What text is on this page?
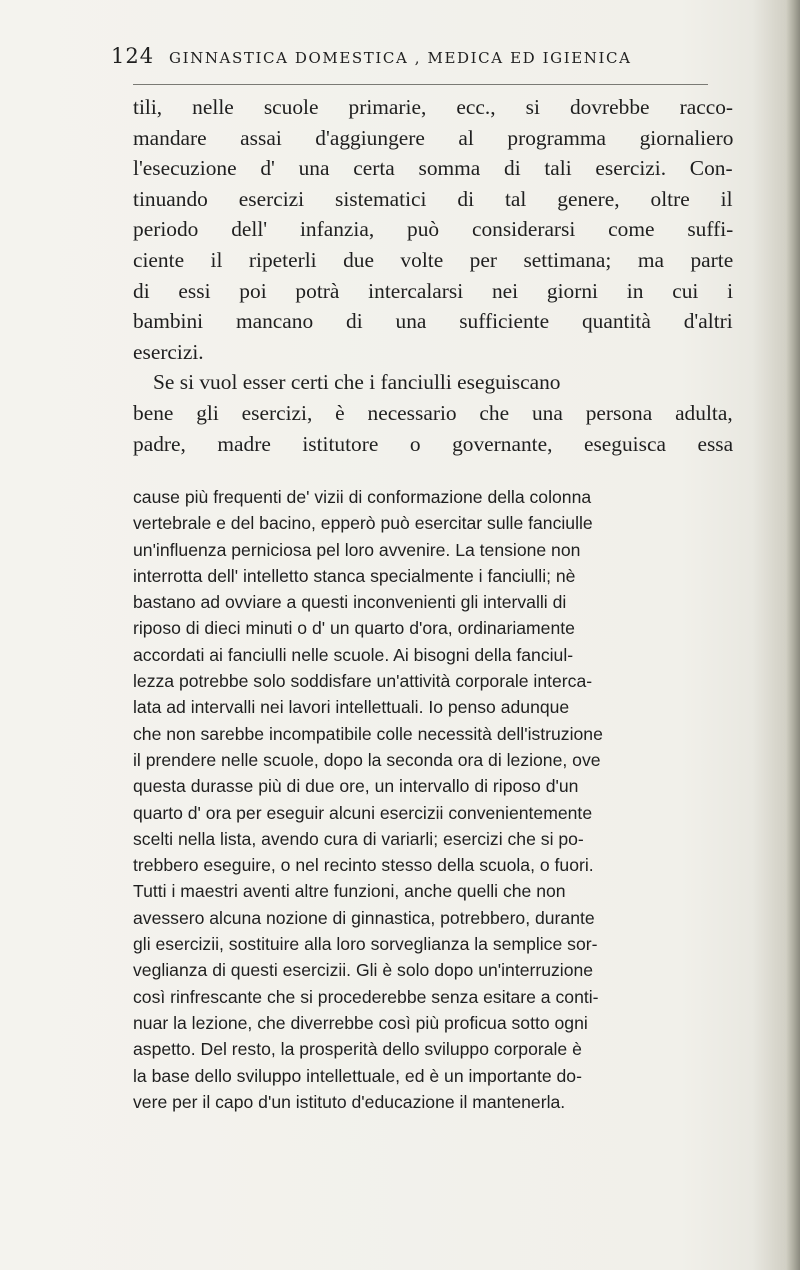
124 GINNASTICA DOMESTICA , MEDICA ED IGIENICA
tili, nelle scuole primarie, ecc., si dovrebbe racco-
mandare assai d'aggiungere al programma giornaliero
l'esecuzione d' una certa somma di tali esercizi. Con-
tinuando esercizi sistematici di tal genere, oltre il
periodo dell' infanzia, può considerarsi come suffi-
ciente il ripeterli due volte per settimana; ma parte
di essi poi potrà intercalarsi nei giorni in cui i
bambini mancano di una sufficiente quantità d'altri
esercizi.
Se si vuol esser certi che i fanciulli eseguiscano
bene gli esercizi, è necessario che una persona adulta,
padre, madre istitutore o governante, eseguisca essa
cause più frequenti de' vizii di conformazione della colonna
vertebrale e del bacino, epperò può esercitar sulle fanciulle
un'influenza perniciosa pel loro avvenire. La tensione non
interrotta dell' intelletto stanca specialmente i fanciulli; nè
bastano ad ovviare a questi inconvenienti gli intervalli di
riposo di dieci minuti o d' un quarto d'ora, ordinariamente
accordati ai fanciulli nelle scuole. Ai bisogni della fanciul-
lezza potrebbe solo soddisfare un'attività corporale interca-
lata ad intervalli nei lavori intellettuali. Io penso adunque
che non sarebbe incompatibile colle necessità dell'istruzione
il prendere nelle scuole, dopo la seconda ora di lezione, ove
questa durasse più di due ore, un intervallo di riposo d'un
quarto d' ora per eseguir alcuni esercizii convenientemente
scelti nella lista, avendo cura di variarli; esercizi che si po-
trebbero eseguire, o nel recinto stesso della scuola, o fuori.
Tutti i maestri aventi altre funzioni, anche quelli che non
avessero alcuna nozione di ginnastica, potrebbero, durante
gli esercizii, sostituire alla loro sorveglianza la semplice sor-
veglianza di questi esercizii. Gli è solo dopo un'interruzione
così rinfrescante che si procederebbe senza esitare a conti-
nuar la lezione, che diverrebbe così più proficua sotto ogni
aspetto. Del resto, la prosperità dello sviluppo corporale è
la base dello sviluppo intellettuale, ed è un importante do-
vere per il capo d'un istituto d'educazione il mantenerla.
